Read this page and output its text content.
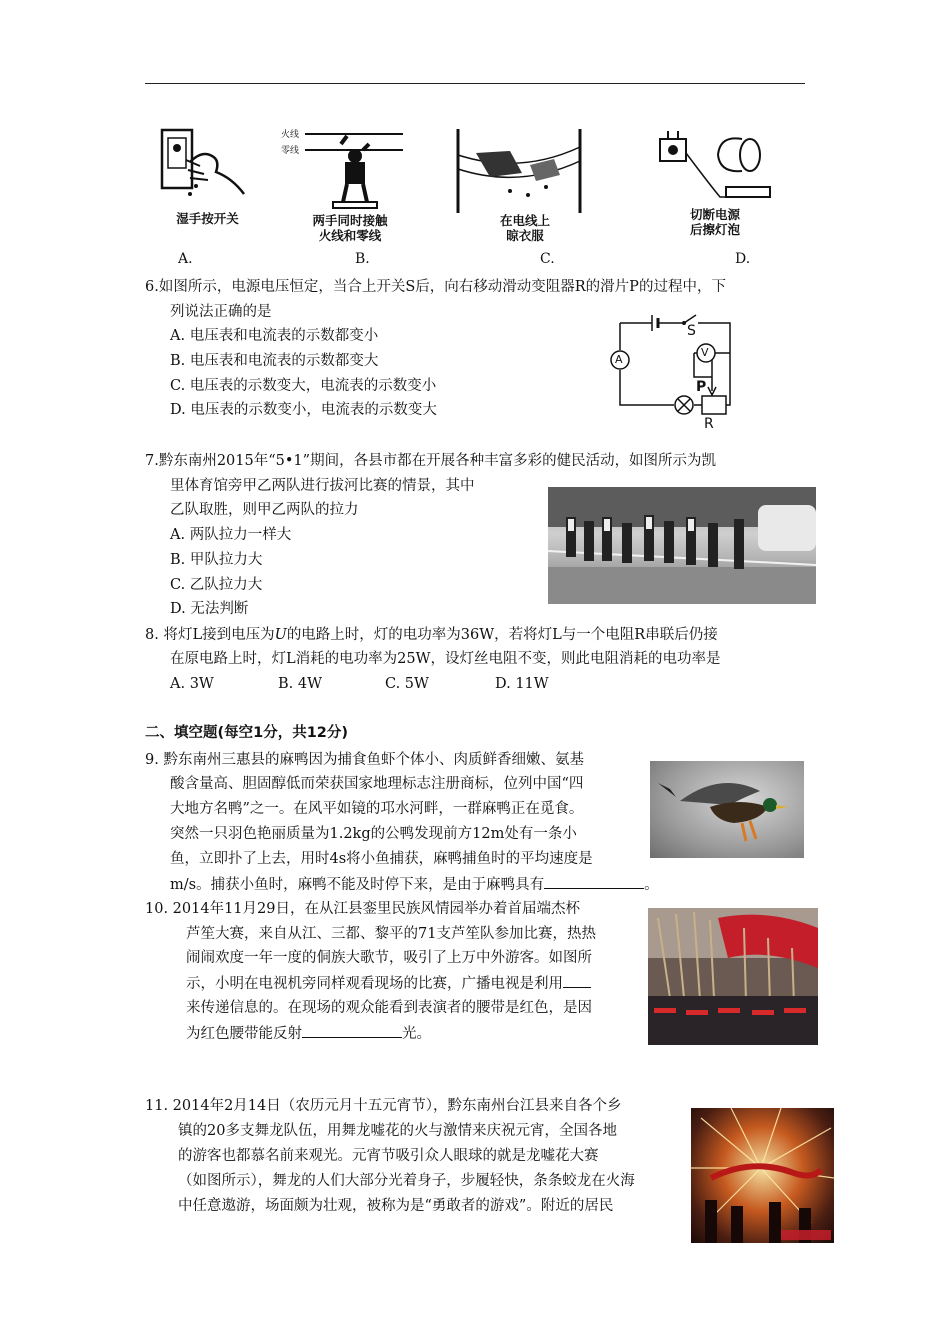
湿手按开关
A.
火线
零线
两手同时接触
火线和零线
B.
在电线上
晾衣服
C.
切断电源
后擦灯泡
D.
6.如图所示，电源电压恒定，当合上开关S后，向右移动滑动变阻器R的滑片P的过程中，下
列说法正确的是
A. 电压表和电流表的示数都变小
B. 电压表和电流表的示数都变大
C. 电压表的示数变大，电流表的示数变小
D. 电压表的示数变小，电流表的示数变大
S
V
A
P
R
7.黔东南州2015年“5•1”期间，各县市都在开展各种丰富多彩的健民活动，如图所示为凯
里体育馆旁甲乙两队进行拔河比赛的情景，其中
乙队取胜，则甲乙两队的拉力
A. 两队拉力一样大
B. 甲队拉力大
C. 乙队拉力大
D. 无法判断
8. 将灯L接到电压为U的电路上时，灯的电功率为36W，若将灯L与一个电阻R串联后仍接
在原电路上时，灯L消耗的电功率为25W，设灯丝电阻不变，则此电阻消耗的电功率是
A. 3W	B. 4W	C. 5W	D. 11W
二、填空题(每空1分，共12分)
9. 黔东南州三惠县的麻鸭因为捕食鱼虾个体小、肉质鲜香细嫩、氨基
酸含量高、胆固醇低而荣获国家地理标志注册商标，位列中国“四
大地方名鸭”之一。在风平如镜的邛水河畔，一群麻鸭正在觅食。
突然一只羽色艳丽质量为1.2kg的公鸭发现前方12m处有一条小
鱼，立即扑了上去，用时4s将小鱼捕获，麻鸭捕鱼时的平均速度是
m/s。捕获小鱼时，麻鸭不能及时停下来，是由于麻鸭具有	。
10. 2014年11月29日，在从江县銮里民族风情园举办着首届端杰杯
芦笙大赛，来自从江、三都、黎平的71支芦笙队参加比赛，热热
闹闹欢度一年一度的侗族大歌节，吸引了上万中外游客。如图所
示，小明在电视机旁同样观看现场的比赛，广播电视是利用
来传递信息的。在现场的观众能看到表演者的腰带是红色，是因
为红色腰带能反射	光。
11. 2014年2月14日（农历元月十五元宵节），黔东南州台江县来自各个乡
镇的20多支舞龙队伍，用舞龙嘘花的火与激情来庆祝元宵，全国各地
的游客也都慕名前来观光。元宵节吸引众人眼球的就是龙嘘花大赛
（如图所示），舞龙的人们大部分光着身子，步履轻快，条条蛟龙在火海
中任意遨游，场面颇为壮观，被称为是“勇敢者的游戏”。附近的居民
